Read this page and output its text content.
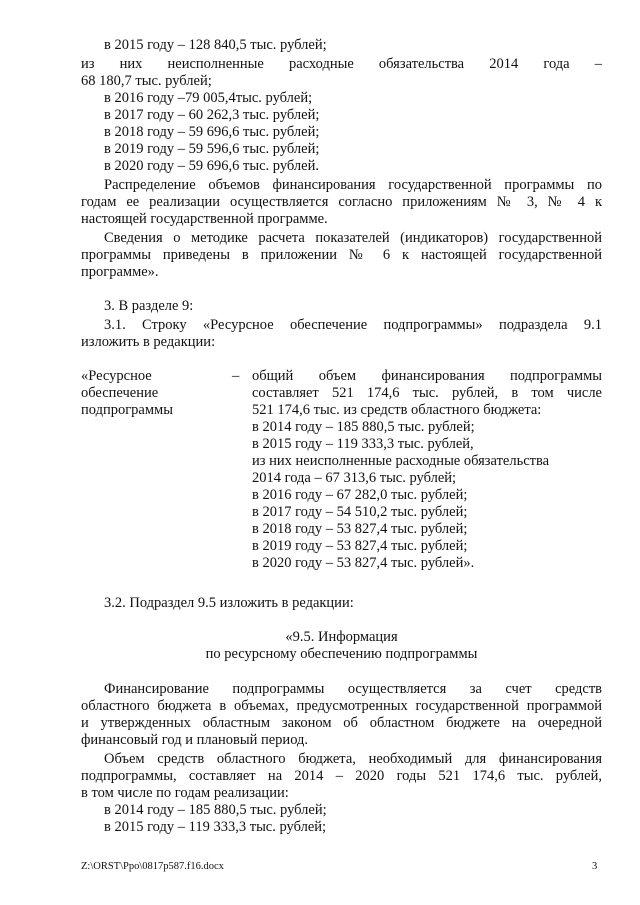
в 2015 году – 128 840,5 тыс. рублей;
из них неисполненные расходные обязательства 2014 года –
68 180,7 тыс. рублей;
в 2016 году –79 005,4тыс. рублей;
в 2017 году – 60 262,3 тыс. рублей;
в 2018 году – 59 696,6 тыс. рублей;
в 2019 году – 59 596,6 тыс. рублей;
в 2020 году – 59 696,6 тыс. рублей.
Распределение объемов финансирования государственной программы по
годам ее реализации осуществляется согласно приложениям № 3, № 4 к
настоящей государственной программе.
Сведения о методике расчета показателей (индикаторов) государственной
программы приведены в приложении № 6 к настоящей государственной
программе».
3. В разделе 9:
3.1. Строку «Ресурсное обеспечение подпрограммы» подраздела 9.1
изложить в редакции:
«Ресурсное
обеспечение
подпрограммы
– общий объем финансирования подпрограммы
составляет 521 174,6 тыс. рублей, в том числе
521 174,6 тыс. из средств областного бюджета:
в 2014 году – 185 880,5 тыс. рублей;
в 2015 году – 119 333,3 тыс. рублей,
из них неисполненные расходные обязательства
2014 года – 67 313,6 тыс. рублей;
в 2016 году – 67 282,0 тыс. рублей;
в 2017 году – 54 510,2 тыс. рублей;
в 2018 году – 53 827,4 тыс. рублей;
в 2019 году – 53 827,4 тыс. рублей;
в 2020 году – 53 827,4 тыс. рублей».
3.2. Подраздел 9.5 изложить в редакции:
«9.5. Информация
по ресурсному обеспечению подпрограммы
Финансирование подпрограммы осуществляется за счет средств
областного бюджета в объемах, предусмотренных государственной программой
и утвержденных областным законом об областном бюджете на очередной
финансовый год и плановый период.
Объем средств областного бюджета, необходимый для финансирования
подпрограммы, составляет на 2014 – 2020 годы 521 174,6 тыс. рублей,
в том числе по годам реализации:
в 2014 году – 185 880,5 тыс. рублей;
в 2015 году – 119 333,3 тыс. рублей;
Z:\ORST\Ppo\0817p587.f16.docx	3
